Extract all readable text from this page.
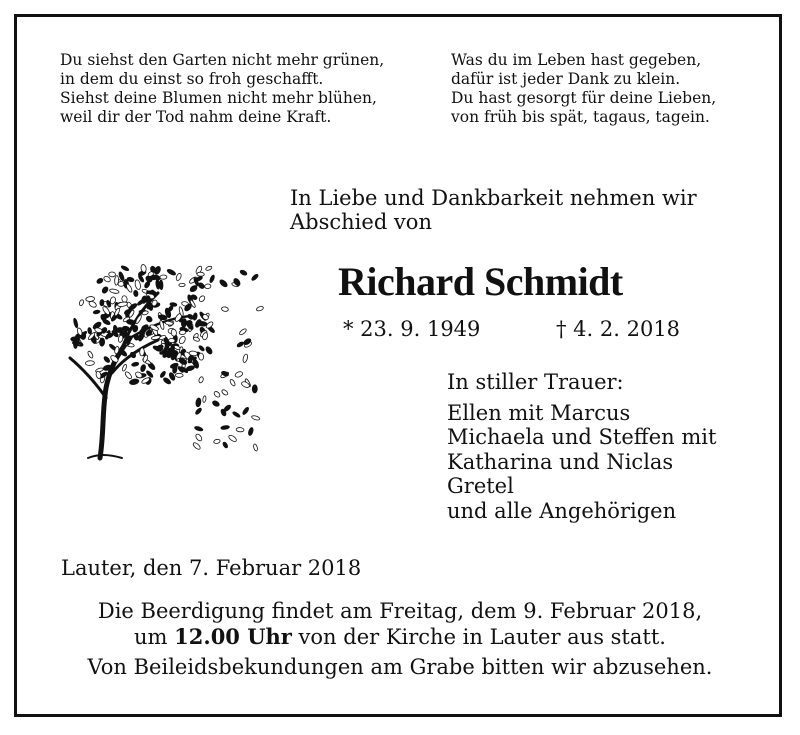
Du siehst den Garten nicht mehr grünen,
in dem du einst so froh geschafft.
Siehst deine Blumen nicht mehr blühen,
weil dir der Tod nahm deine Kraft.
Was du im Leben hast gegeben,
dafür ist jeder Dank zu klein.
Du hast gesorgt für deine Lieben,
von früh bis spät, tagaus, tagein.
In Liebe und Dankbarkeit nehmen wir
Abschied von
Richard Schmidt
* 23. 9. 1949	† 4. 2. 2018
In stiller Trauer:
Ellen mit Marcus
Michaela und Steffen mit
Katharina und Niclas
Gretel
und alle Angehörigen
Lauter, den 7. Februar 2018
Die Beerdigung findet am Freitag, dem 9. Februar 2018,
um 12.00 Uhr von der Kirche in Lauter aus statt.
Von Beileidsbekundungen am Grabe bitten wir abzusehen.
